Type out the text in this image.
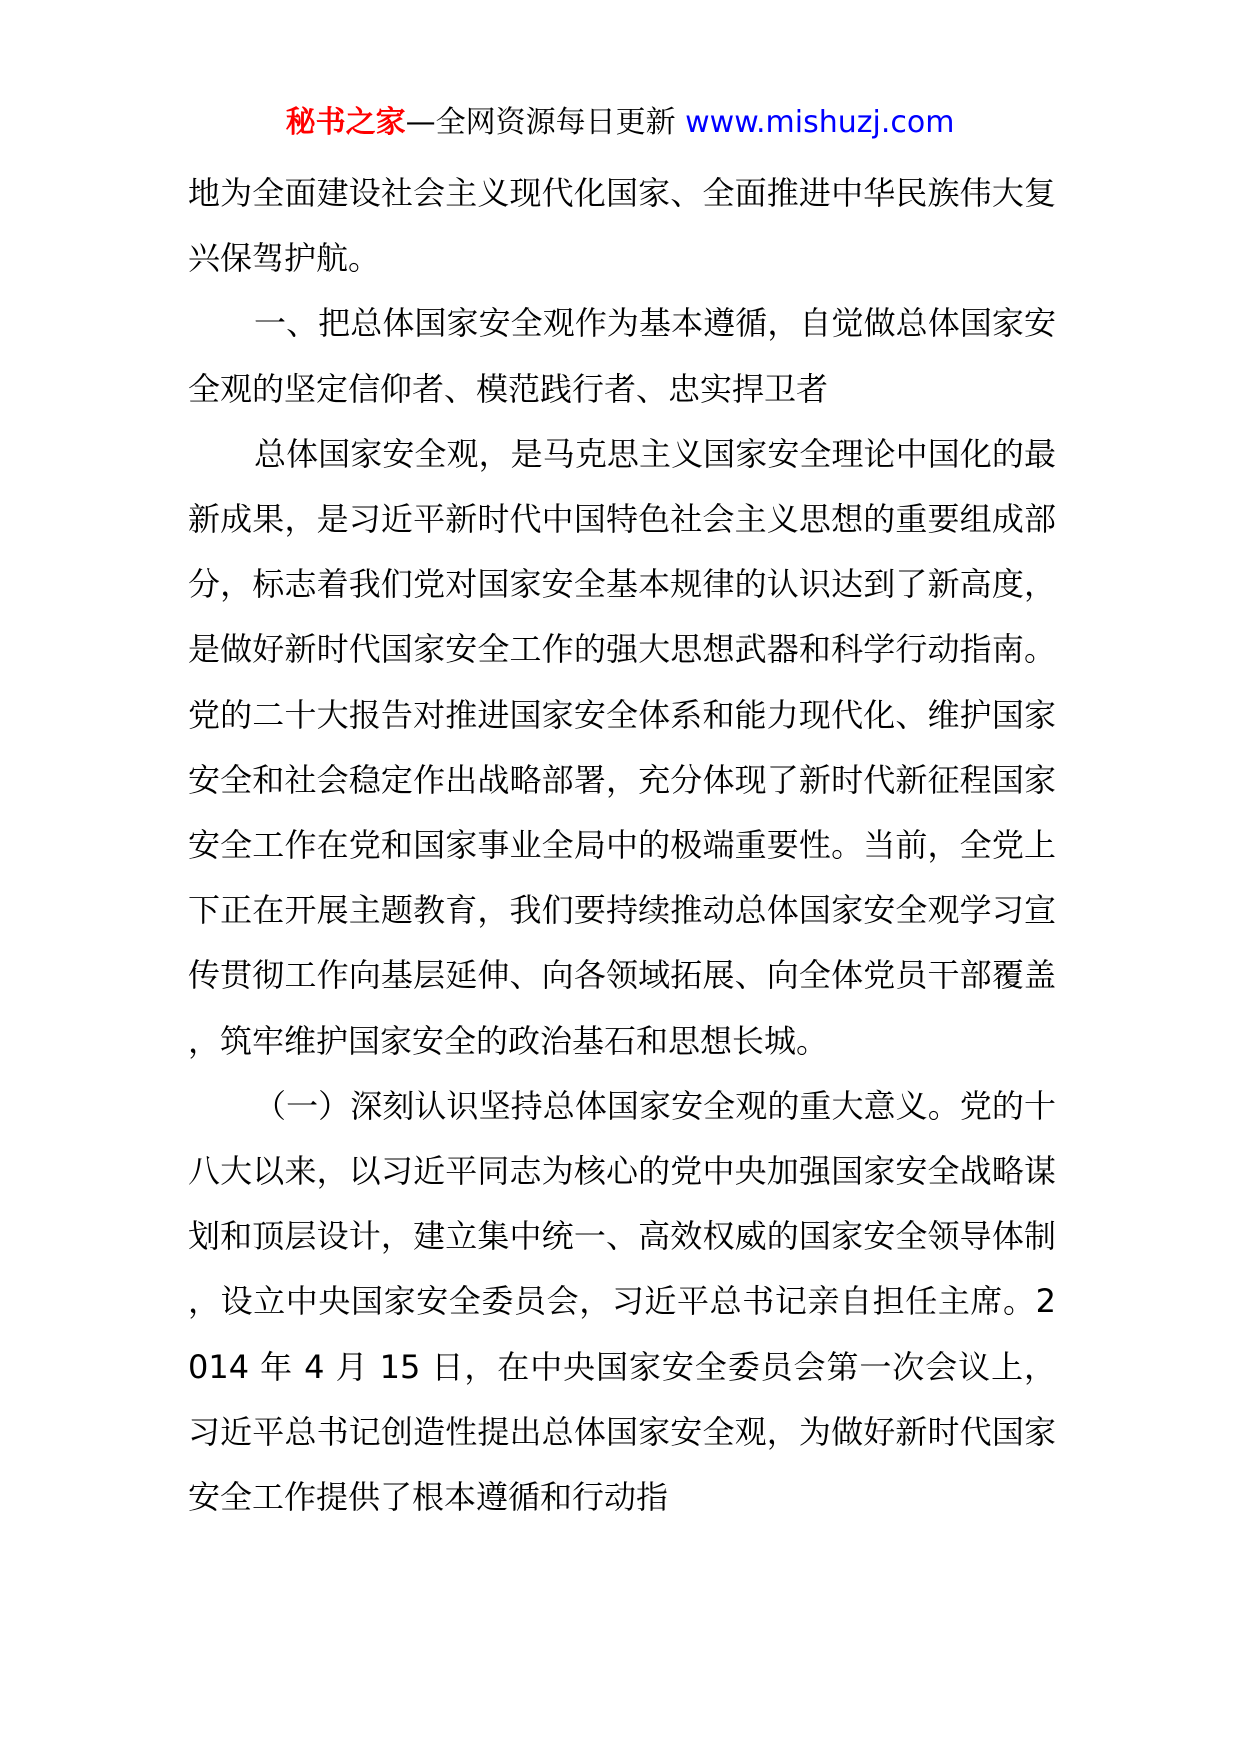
秘书之家—全网资源每日更新 www.mishuzj.com

地为全面建设社会主义现代化国家、全面推进中华民族伟大复兴保驾护航。

一、把总体国家安全观作为基本遵循，自觉做总体国家安全观的坚定信仰者、模范践行者、忠实捍卫者

总体国家安全观，是马克思主义国家安全理论中国化的最新成果，是习近平新时代中国特色社会主义思想的重要组成部分，标志着我们党对国家安全基本规律的认识达到了新高度，是做好新时代国家安全工作的强大思想武器和科学行动指南。党的二十大报告对推进国家安全体系和能力现代化、维护国家安全和社会稳定作出战略部署，充分体现了新时代新征程国家安全工作在党和国家事业全局中的极端重要性。当前，全党上下正在开展主题教育，我们要持续推动总体国家安全观学习宣传贯彻工作向基层延伸、向各领域拓展、向全体党员干部覆盖，筑牢维护国家安全的政治基石和思想长城。

（一）深刻认识坚持总体国家安全观的重大意义。党的十八大以来，以习近平同志为核心的党中央加强国家安全战略谋划和顶层设计，建立集中统一、高效权威的国家安全领导体制，设立中央国家安全委员会，习近平总书记亲自担任主席。2014 年 4 月 15 日，在中央国家安全委员会第一次会议上，习近平总书记创造性提出总体国家安全观，为做好新时代国家安全工作提供了根本遵循和行动指
